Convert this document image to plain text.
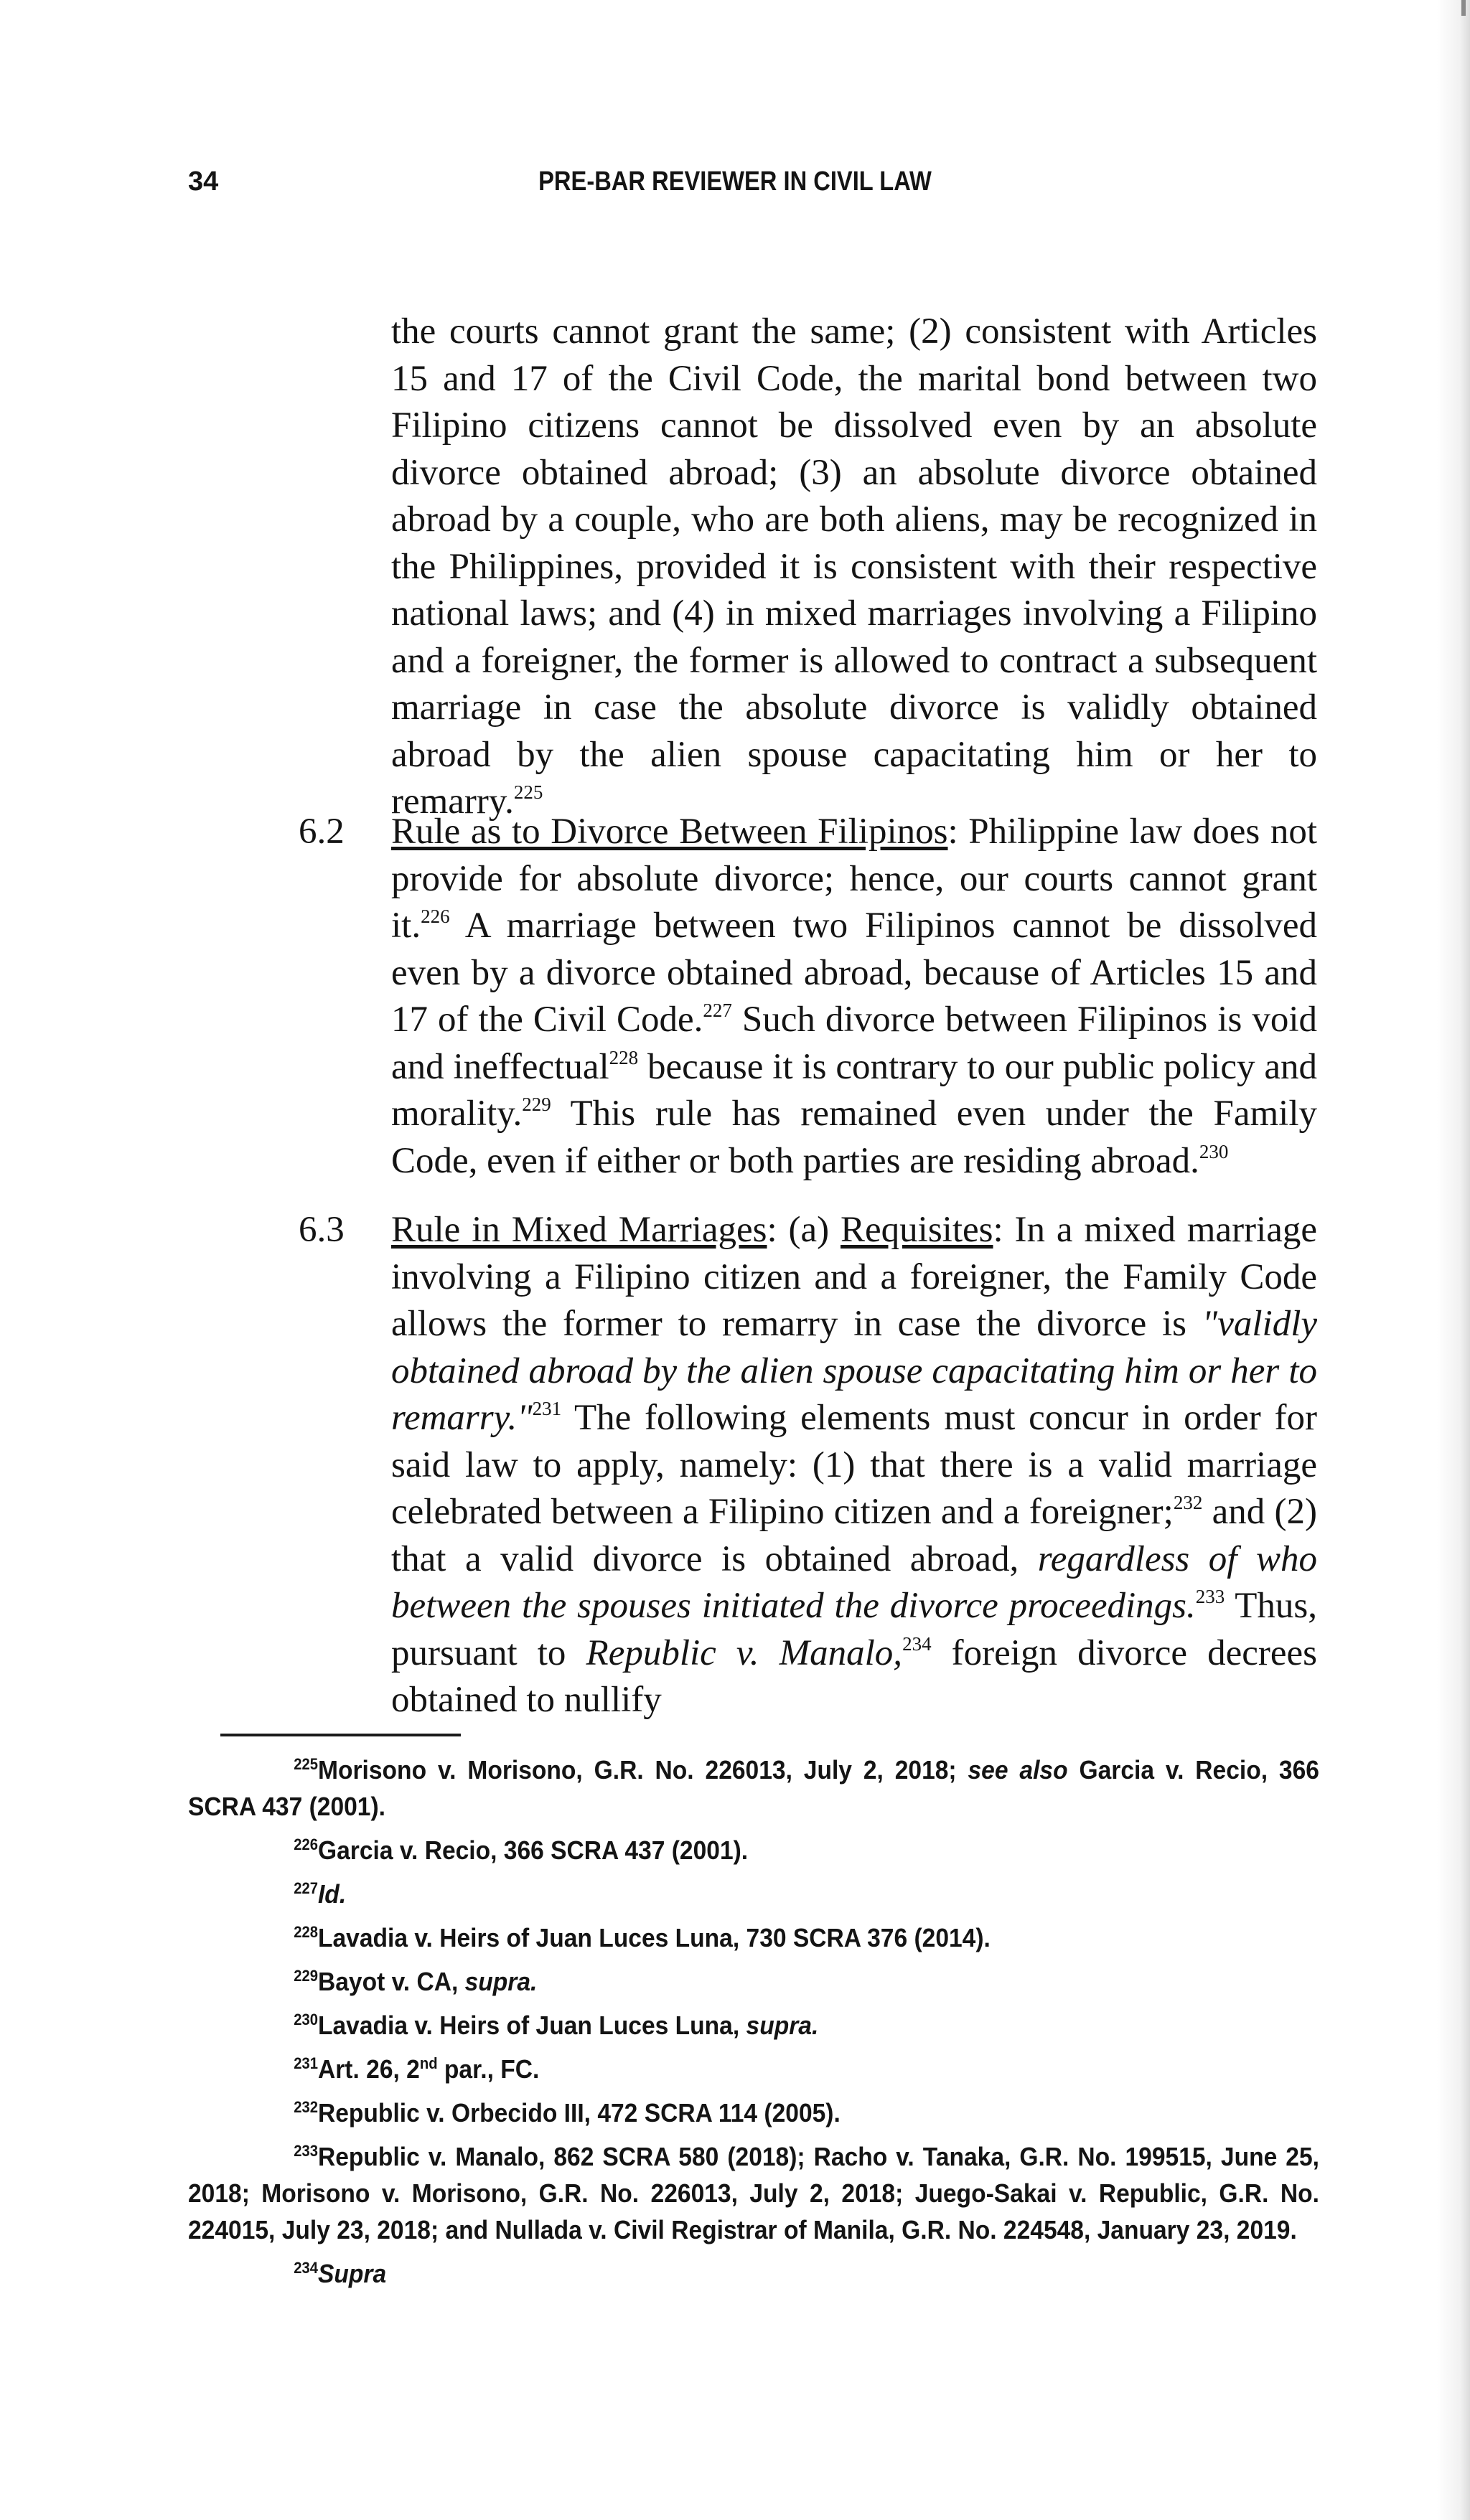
34	PRE-BAR REVIEWER IN CIVIL LAW
the courts cannot grant the same; (2) consistent with Articles 15 and 17 of the Civil Code, the marital bond between two Filipino citizens cannot be dissolved even by an absolute divorce obtained abroad; (3) an absolute divorce obtained abroad by a couple, who are both aliens, may be recognized in the Philippines, provided it is consistent with their respective national laws; and (4) in mixed marriages involving a Filipino and a foreigner, the former is allowed to contract a subsequent marriage in case the absolute divorce is validly obtained abroad by the alien spouse capacitating him or her to remarry.$^{225}$
6.2 Rule as to Divorce Between Filipinos: Philippine law does not provide for absolute divorce; hence, our courts cannot grant it.$^{226}$ A marriage between two Filipinos cannot be dissolved even by a divorce obtained abroad, because of Articles 15 and 17 of the Civil Code.$^{227}$ Such divorce between Filipinos is void and ineffectual$^{228}$ because it is contrary to our public policy and morality.$^{229}$ This rule has remained even under the Family Code, even if either or both parties are residing abroad.$^{230}$
6.3 Rule in Mixed Marriages: (a) Requisites: In a mixed marriage involving a Filipino citizen and a foreigner, the Family Code allows the former to remarry in case the divorce is "validly obtained abroad by the alien spouse capacitating him or her to remarry."$^{231}$ The following elements must concur in order for said law to apply, namely: (1) that there is a valid marriage celebrated between a Filipino citizen and a foreigner;$^{232}$ and (2) that a valid divorce is obtained abroad, regardless of who between the spouses initiated the divorce proceedings.$^{233}$ Thus, pursuant to Republic v. Manalo,$^{234}$ foreign divorce decrees obtained to nullify
$^{225}$Morisono v. Morisono, G.R. No. 226013, July 2, 2018; see also Garcia v. Recio, 366 SCRA 437 (2001).
$^{226}$Garcia v. Recio, 366 SCRA 437 (2001).
$^{227}$Id.
$^{228}$Lavadia v. Heirs of Juan Luces Luna, 730 SCRA 376 (2014).
$^{229}$Bayot v. CA, supra.
$^{230}$Lavadia v. Heirs of Juan Luces Luna, supra.
$^{231}$Art. 26, 2nd par., FC.
$^{232}$Republic v. Orbecido III, 472 SCRA 114 (2005).
$^{233}$Republic v. Manalo, 862 SCRA 580 (2018); Racho v. Tanaka, G.R. No. 199515, June 25, 2018; Morisono v. Morisono, G.R. No. 226013, July 2, 2018; Juego-Sakai v. Republic, G.R. No. 224015, July 23, 2018; and Nullada v. Civil Registrar of Manila, G.R. No. 224548, January 23, 2019.
$^{234}$Supra
